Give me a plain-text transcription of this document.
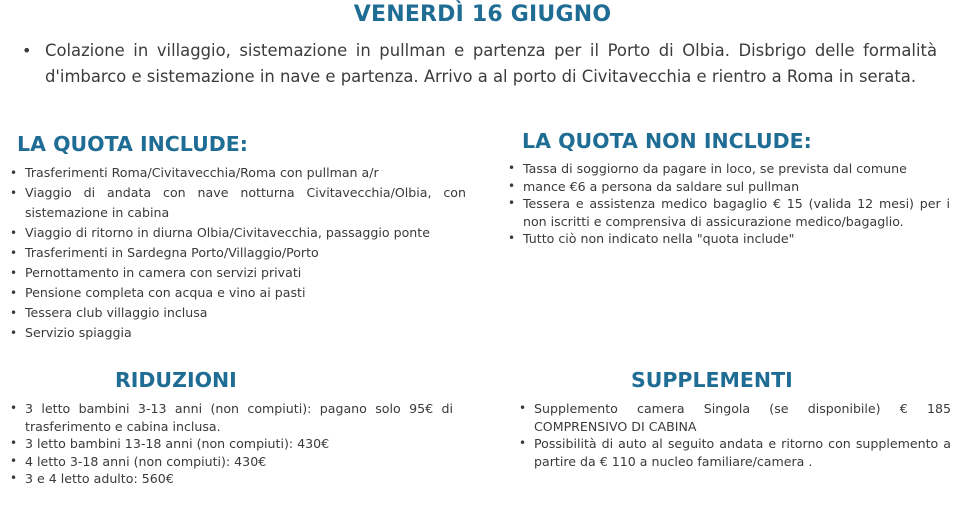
VENERDÌ 16 GIUGNO
• Colazione in villaggio, sistemazione in pullman e partenza per il Porto di Olbia. Disbrigo delle formalità d'imbarco e sistemazione in nave e partenza. Arrivo a al porto di Civitavecchia e rientro a Roma in serata.
LA QUOTA INCLUDE:
• Trasferimenti Roma/Civitavecchia/Roma con pullman a/r
• Viaggio di andata con nave notturna Civitavecchia/Olbia, con sistemazione in cabina
• Viaggio di ritorno in diurna Olbia/Civitavecchia, passaggio ponte
• Trasferimenti in Sardegna Porto/Villaggio/Porto
• Pernottamento in camera con servizi privati
• Pensione completa con acqua e vino ai pasti
• Tessera club villaggio inclusa
• Servizio spiaggia
LA QUOTA NON INCLUDE:
• Tassa di soggiorno da pagare in loco, se prevista dal comune
• mance €6 a persona da saldare sul pullman
• Tessera e assistenza medico bagaglio € 15 (valida 12 mesi) per i non iscritti e comprensiva di assicurazione medico/bagaglio.
• Tutto ciò non indicato nella "quota include"
RIDUZIONI
• 3 letto bambini 3-13 anni (non compiuti): pagano solo 95€ di trasferimento e cabina inclusa.
• 3 letto bambini 13-18 anni (non compiuti): 430€
• 4 letto 3-18 anni (non compiuti): 430€
• 3 e 4 letto adulto: 560€
SUPPLEMENTI
• Supplemento camera Singola (se disponibile) € 185 COMPRENSIVO DI CABINA
• Possibilità di auto al seguito andata e ritorno con supplemento a partire da € 110 a nucleo familiare/camera .
